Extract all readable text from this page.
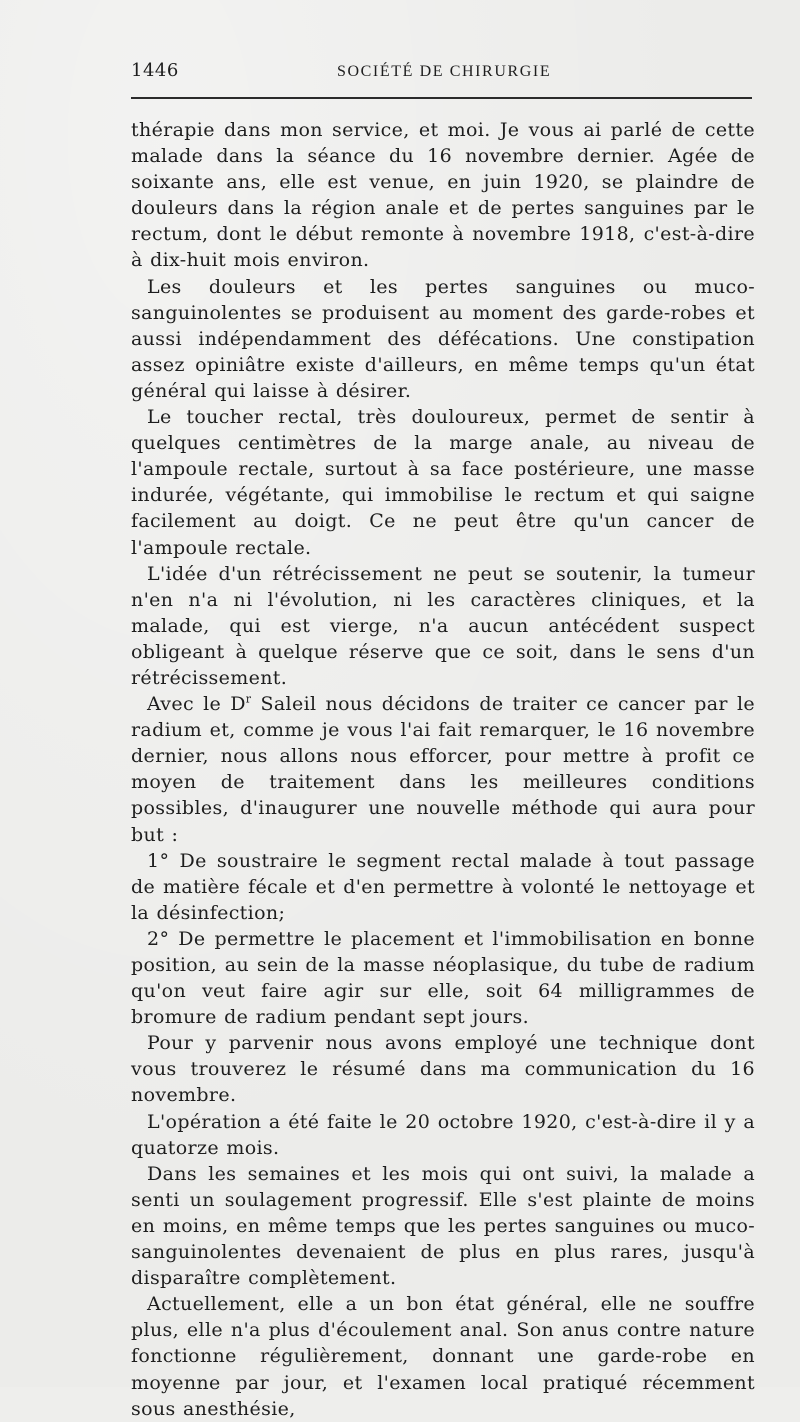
1446	SOCIÉTÉ DE CHIRURGIE

thérapie dans mon service, et moi. Je vous ai parlé de cette malade dans la séance du 16 novembre dernier. Agée de soixante ans, elle est venue, en juin 1920, se plaindre de douleurs dans la région anale et de pertes sanguines par le rectum, dont le début remonte à novembre 1918, c'est-à-dire à dix-huit mois environ.

Les douleurs et les pertes sanguines ou muco-sanguinolentes se produisent au moment des garde-robes et aussi indépendamment des défécations. Une constipation assez opiniâtre existe d'ailleurs, en même temps qu'un état général qui laisse à désirer.

Le toucher rectal, très douloureux, permet de sentir à quelques centimètres de la marge anale, au niveau de l'ampoule rectale, surtout à sa face postérieure, une masse indurée, végétante, qui immobilise le rectum et qui saigne facilement au doigt. Ce ne peut être qu'un cancer de l'ampoule rectale.

L'idée d'un rétrécissement ne peut se soutenir, la tumeur n'en n'a ni l'évolution, ni les caractères cliniques, et la malade, qui est vierge, n'a aucun antécédent suspect obligeant à quelque réserve que ce soit, dans le sens d'un rétrécissement.

Avec le $D^r$ Saleil nous décidons de traiter ce cancer par le radium et, comme je vous l'ai fait remarquer, le 16 novembre dernier, nous allons nous efforcer, pour mettre à profit ce moyen de traitement dans les meilleures conditions possibles, d'inaugurer une nouvelle méthode qui aura pour but :

1° De soustraire le segment rectal malade à tout passage de matière fécale et d'en permettre à volonté le nettoyage et la désinfection;

2° De permettre le placement et l'immobilisation en bonne position, au sein de la masse néoplasique, du tube de radium qu'on veut faire agir sur elle, soit 64 milligrammes de bromure de radium pendant sept jours.

Pour y parvenir nous avons employé une technique dont vous trouverez le résumé dans ma communication du 16 novembre.

L'opération a été faite le 20 octobre 1920, c'est-à-dire il y a quatorze mois.

Dans les semaines et les mois qui ont suivi, la malade a senti un soulagement progressif. Elle s'est plainte de moins en moins, en même temps que les pertes sanguines ou muco-sanguinolentes devenaient de plus en plus rares, jusqu'à disparaître complètement.

Actuellement, elle a un bon état général, elle ne souffre plus, elle n'a plus d'écoulement anal. Son anus contre nature fonctionne régulièrement, donnant une garde-robe en moyenne par jour, et l'examen local pratiqué récemment sous anesthésie,
